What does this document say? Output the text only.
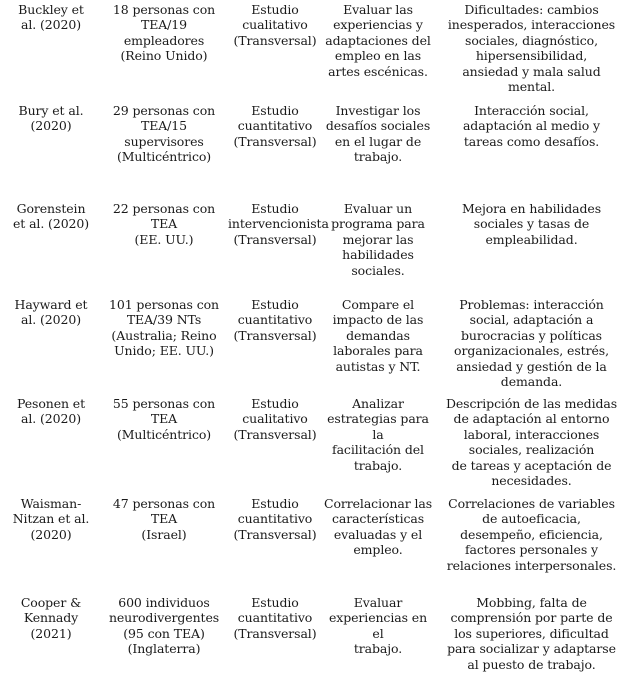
Buckley et
al. (2020)
18 personas con
TEA/19
empleadores
(Reino Unido)
Estudio
cualitativo
(Transversal)
Evaluar las
experiencias y
adaptaciones del
empleo en las
artes escénicas.
Dificultades: cambios
inesperados, interacciones
sociales, diagnóstico,
hipersensibilidad,
ansiedad y mala salud
mental.
Bury et al.
(2020)
29 personas con
TEA/15
supervisores
(Multicéntrico)
Estudio
cuantitativo
(Transversal)
Investigar los
desafíos sociales
en el lugar de
trabajo.
Interacción social,
adaptación al medio y
tareas como desafíos.
Gorenstein
et al. (2020)
22 personas con TEA
(EE. UU.)
Estudio
intervencionista
(Transversal)
Evaluar un
programa para
mejorar las
habilidades
sociales.
Mejora en habilidades
sociales y tasas de
empleabilidad.
Hayward et
al. (2020)
101 personas con
TEA/39 NTs
(Australia; Reino
Unido; EE. UU.)
Estudio
cuantitativo
(Transversal)
Compare el
impacto de las
demandas
laborales para
autistas y NT.
Problemas: interacción
social, adaptación a
burocracias y políticas
organizacionales, estrés,
ansiedad y gestión de la
demanda.
Pesonen et
al. (2020)
55 personas con TEA
(Multicéntrico)
Estudio
cualitativo
(Transversal)
Analizar
estrategias para la
facilitación del
trabajo.
Descripción de las medidas
de adaptación al entorno
laboral, interacciones
sociales, realización
de tareas y aceptación de
necesidades.
Waisman-
Nitzan et al.
(2020)
47 personas con TEA
(Israel)
Estudio
cuantitativo
(Transversal)
Correlacionar las
características
evaluadas y el
empleo.
Correlaciones de variables
de autoeficacia,
desempeño, eficiencia,
factores personales y
relaciones interpersonales.
Cooper &
Kennady
(2021)
600 individuos
neurodivergentes
(95 con TEA)
(Inglaterra)
Estudio
cuantitativo
(Transversal)
Evaluar
experiencias en el
trabajo.
Mobbing, falta de
comprensión por parte de
los superiores, dificultad
para socializar y adaptarse
al puesto de trabajo.
